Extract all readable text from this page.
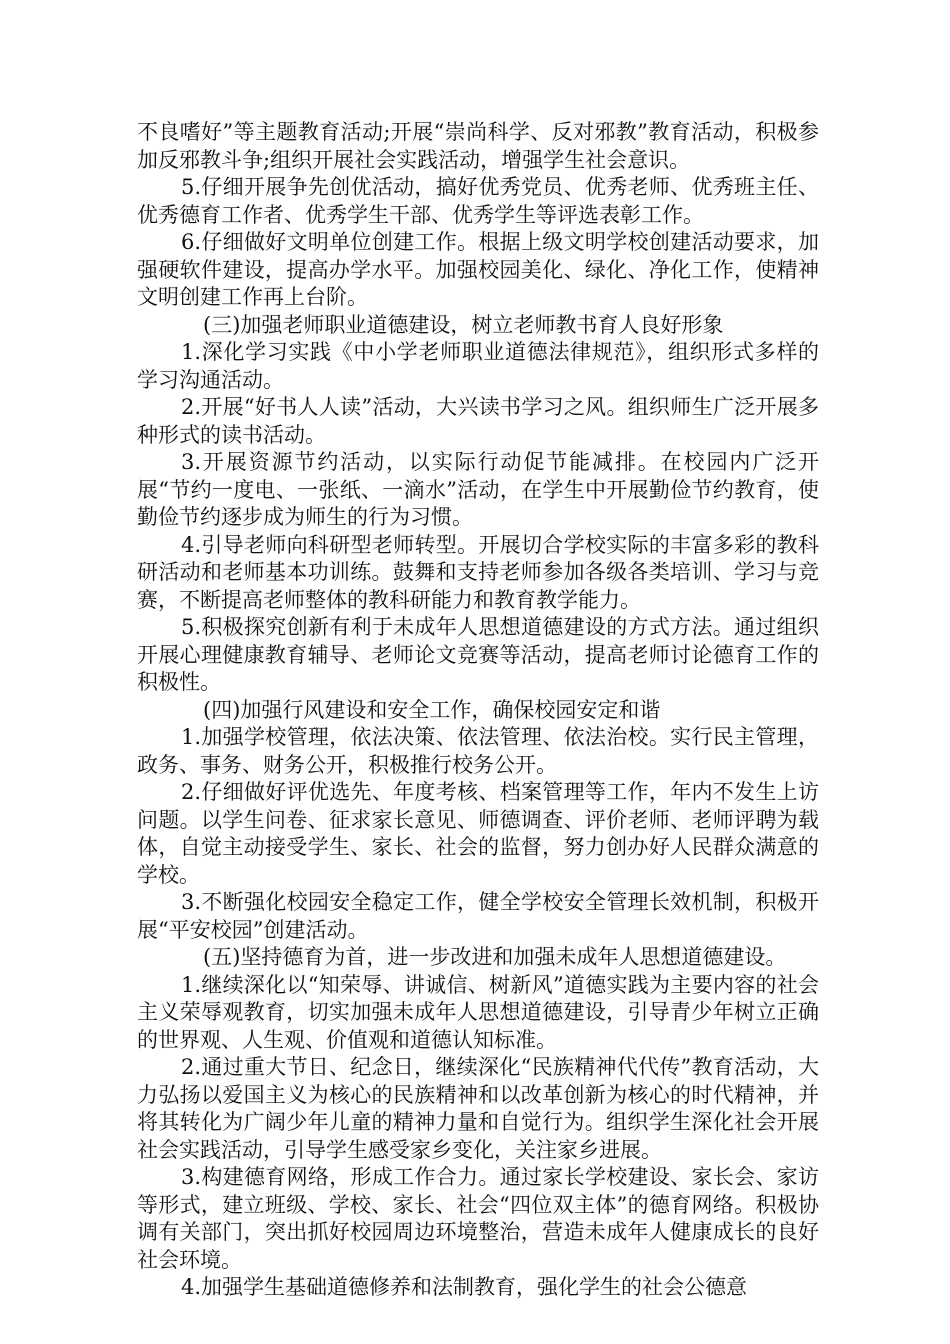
不良嗜好”等主题教育活动;开展“崇尚科学、反对邪教”教育活动，积极参加反邪教斗争;组织开展社会实践活动，增强学生社会意识。

5.仔细开展争先创优活动，搞好优秀党员、优秀老师、优秀班主任、优秀德育工作者、优秀学生干部、优秀学生等评选表彰工作。

6.仔细做好文明单位创建工作。根据上级文明学校创建活动要求，加强硬软件建设，提高办学水平。加强校园美化、绿化、净化工作，使精神文明创建工作再上台阶。

(三)加强老师职业道德建设，树立老师教书育人良好形象

1.深化学习实践《中小学老师职业道德法律规范》，组织形式多样的学习沟通活动。

2.开展“好书人人读”活动，大兴读书学习之风。组织师生广泛开展多种形式的读书活动。

3.开展资源节约活动，以实际行动促节能减排。在校园内广泛开展“节约一度电、一张纸、一滴水”活动，在学生中开展勤俭节约教育，使勤俭节约逐步成为师生的行为习惯。

4.引导老师向科研型老师转型。开展切合学校实际的丰富多彩的教科研活动和老师基本功训练。鼓舞和支持老师参加各级各类培训、学习与竞赛，不断提高老师整体的教科研能力和教育教学能力。

5.积极探究创新有利于未成年人思想道德建设的方式方法。通过组织开展心理健康教育辅导、老师论文竞赛等活动，提高老师讨论德育工作的积极性。

(四)加强行风建设和安全工作，确保校园安定和谐

1.加强学校管理，依法决策、依法管理、依法治校。实行民主管理，政务、事务、财务公开，积极推行校务公开。

2.仔细做好评优选先、年度考核、档案管理等工作，年内不发生上访问题。以学生问卷、征求家长意见、师德调查、评价老师、老师评聘为载体，自觉主动接受学生、家长、社会的监督，努力创办好人民群众满意的学校。

3.不断强化校园安全稳定工作，健全学校安全管理长效机制，积极开展“平安校园”创建活动。

(五)坚持德育为首，进一步改进和加强未成年人思想道德建设。

1.继续深化以“知荣辱、讲诚信、树新风”道德实践为主要内容的社会主义荣辱观教育，切实加强未成年人思想道德建设，引导青少年树立正确的世界观、人生观、价值观和道德认知标准。

2.通过重大节日、纪念日，继续深化“民族精神代代传”教育活动，大力弘扬以爱国主义为核心的民族精神和以改革创新为核心的时代精神，并将其转化为广阔少年儿童的精神力量和自觉行为。组织学生深化社会开展社会实践活动，引导学生感受家乡变化，关注家乡进展。

3.构建德育网络，形成工作合力。通过家长学校建设、家长会、家访等形式，建立班级、学校、家长、社会“四位双主体”的德育网络。积极协调有关部门，突出抓好校园周边环境整治，营造未成年人健康成长的良好社会环境。

4.加强学生基础道德修养和法制教育，强化学生的社会公德意
